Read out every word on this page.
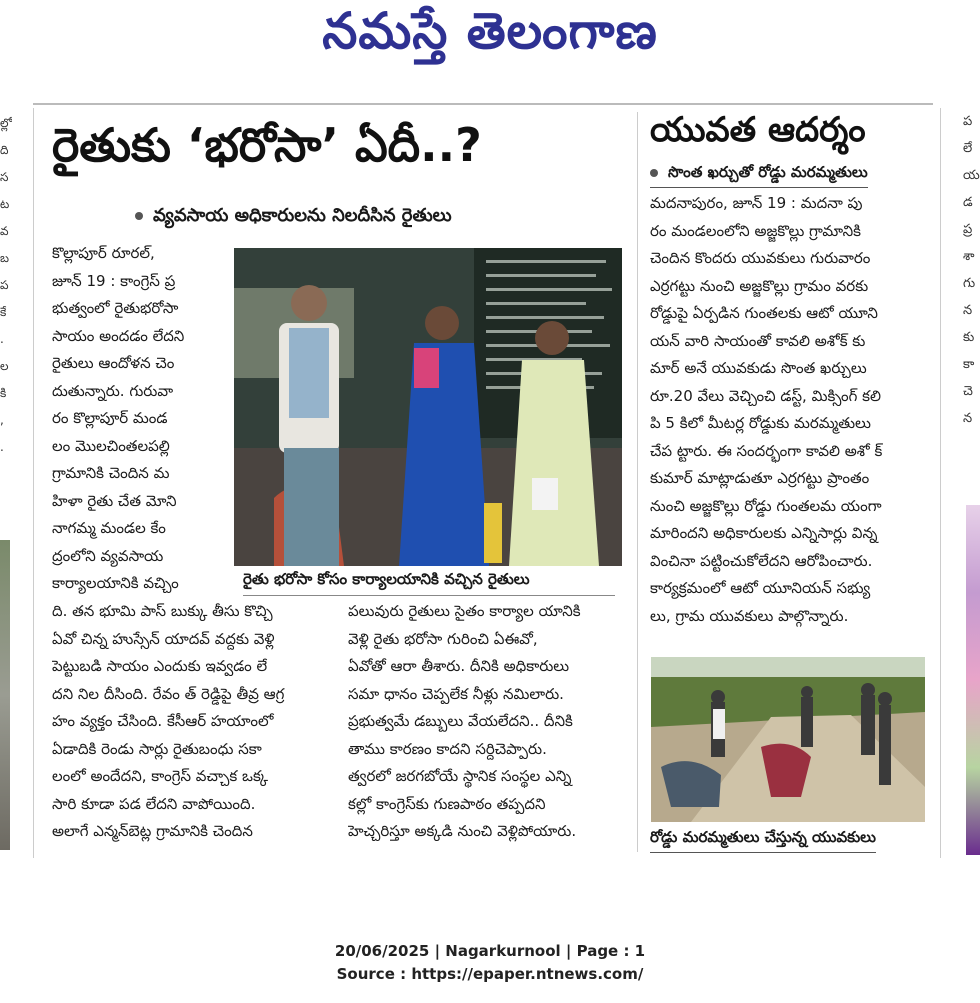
నమస్తే తెలంగాణ
ల్లో
ది
స
ట
వ
బ
ప
కే
.
ల
కి
,
.
ప
లే
య
డ
ప్ర
శా
గు
న
కు
కా
చె
న
రైతుకు ‘భరోసా’ ఏదీ..?
వ్యవసాయ అధికారులను నిలదీసిన రైతులు
కొల్లాపూర్ రూరల్,
జూన్ 19 : కాంగ్రెస్ ప్ర
భుత్వంలో రైతుభరోసా
సాయం అందడం లేదని
రైతులు ఆందోళన చెం
దుతున్నారు. గురువా
రం కొల్లాపూర్ మండ
లం మొలచింతలపల్లి
గ్రామానికి చెందిన మ
హిళా రైతు చేత మోని
నాగమ్మ మండల కేం
ద్రంలోని వ్యవసాయ
కార్యాలయానికి వచ్చిం	రైతు భరోసా కోసం కార్యాలయానికి వచ్చిన రైతులు
ది. తన భూమి పాస్ బుక్కు తీసు కొచ్చి
ఏవో చిన్న హుస్సేన్ యాదవ్ వద్దకు వెళ్లి
పెట్టుబడి సాయం ఎందుకు ఇవ్వడం లే
దని నిల దీసింది. రేవం త్ రెడ్డిపై తీవ్ర ఆగ్ర
హం వ్యక్తం చేసింది. కేసీఆర్ హయాంలో
ఏడాదికి రెండు సార్లు రైతుబంధు సకా
లంలో అందేదని, కాంగ్రెస్ వచ్చాక ఒక్క
సారి కూడా పడ లేదని వాపోయింది.
అలాగే ఎన్మన్‌బెట్ల గ్రామానికి చెందిన
పలువురు రైతులు సైతం కార్యాల యానికి
వెళ్లి రైతు భరోసా గురించి ఏఈవో,
ఏవోతో ఆరా తీశారు. దీనికి అధికారులు
సమా ధానం చెప్పలేక నీళ్లు నమిలారు.
ప్రభుత్వమే డబ్బులు వేయలేదని.. దీనికి
తాము కారణం కాదని సర్దిచెప్పారు.
త్వరలో జరగబోయే స్థానిక సంస్థల ఎన్ని
కల్లో కాంగ్రెస్‌కు గుణపాఠం తప్పదని
హెచ్చరిస్తూ అక్కడి నుంచి వెళ్లిపోయారు.
యువత ఆదర్శం
సొంత ఖర్చుతో రోడ్డు మరమ్మతులు
మదనాపురం, జూన్ 19 : మదనా పు
రం మండలంలోని అజ్జకొల్లు గ్రామానికి
చెందిన కొందరు యువకులు గురువారం
ఎర్రగట్టు నుంచి అజ్జకొల్లు గ్రామం వరకు
రోడ్డుపై ఏర్పడిన గుంతలకు ఆటో యూని
యన్ వారి సాయంతో కావలి అశోక్ కు
మార్ అనే యువకుడు సొంత ఖర్చులు
రూ.20 వేలు వెచ్చించి డస్ట్, మిక్సింగ్ కలి
పి 5 కిలో మీటర్ల రోడ్డుకు మరమ్మతులు
చేప ట్టారు. ఈ సందర్భంగా కావలి అశో క్
కుమార్ మాట్లాడుతూ ఎర్రగట్టు ప్రాంతం
నుంచి అజ్జకొల్లు రోడ్డు గుంతలమ యంగా
మారిందని అధికారులకు ఎన్నిసార్లు విన్న
వించినా పట్టించుకోలేదని ఆరోపించారు.
కార్యక్రమంలో ఆటో యూనియన్ సభ్యు
లు, గ్రామ యువకులు పాల్గొన్నారు.
రోడ్డు మరమ్మతులు చేస్తున్న యువకులు
20/06/2025 | Nagarkurnool | Page : 1
Source : https://epaper.ntnews.com/
